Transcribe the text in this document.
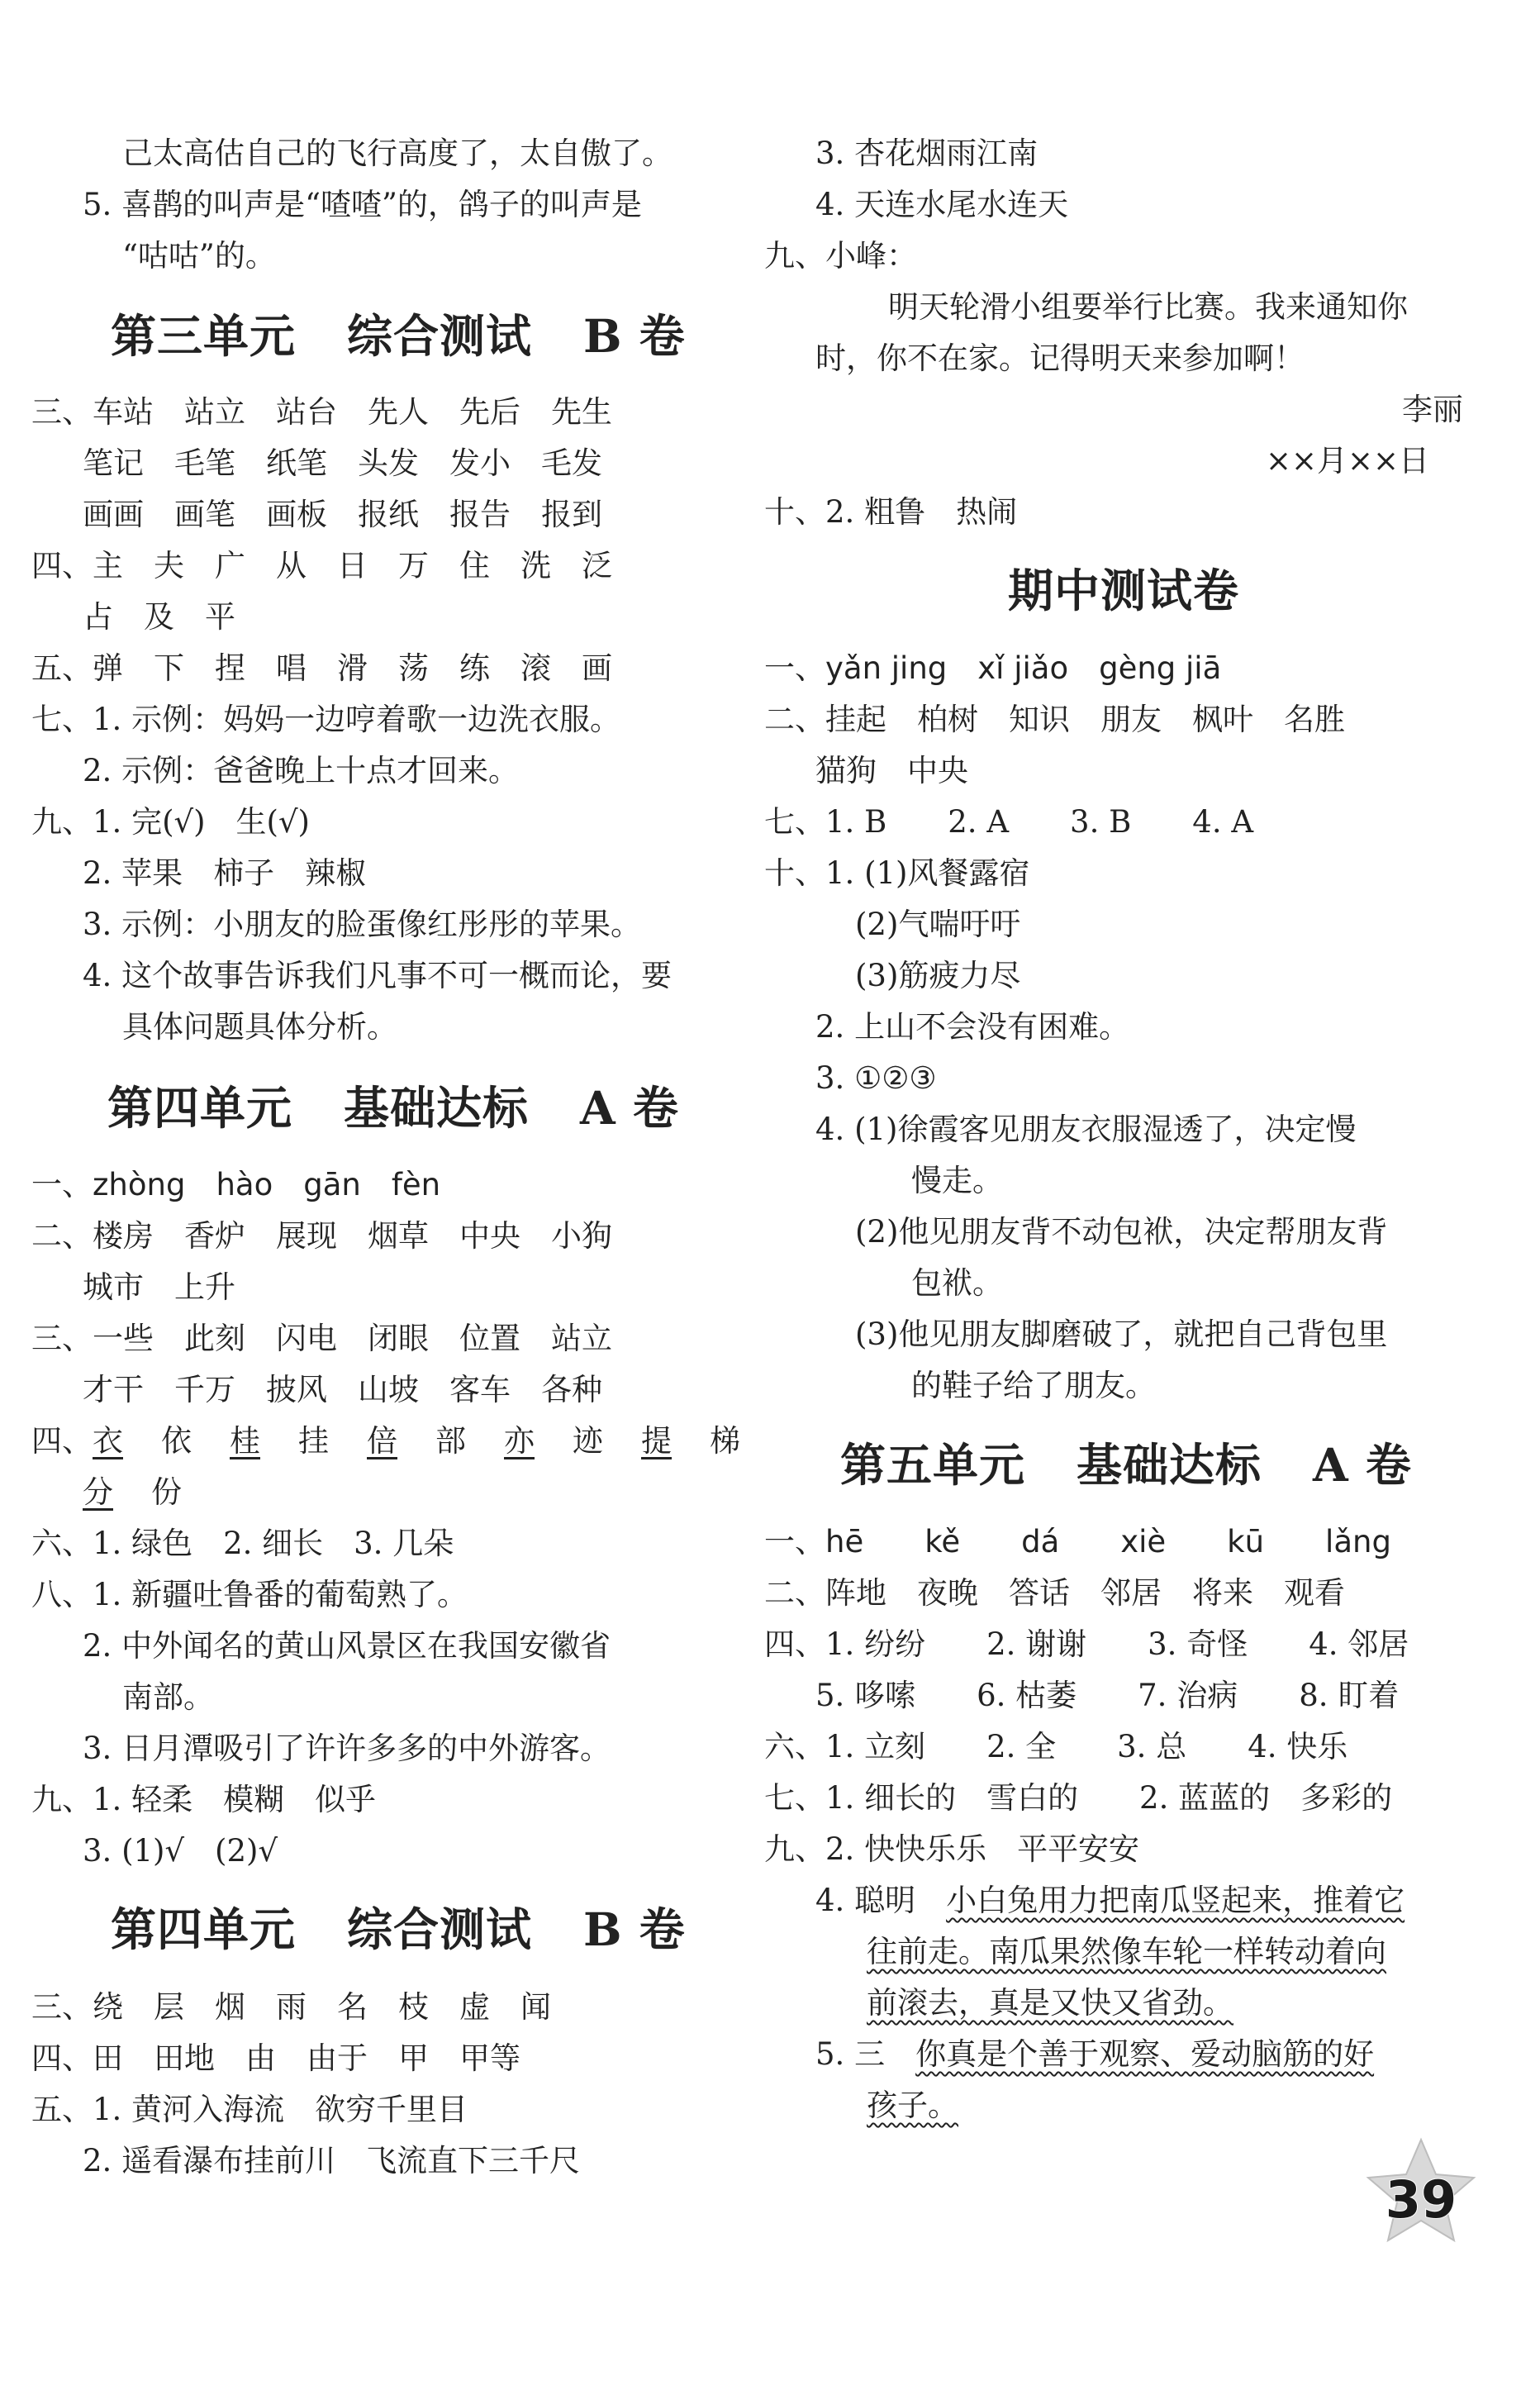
己太高估自己的飞行高度了，太自傲了。
5. 喜鹊的叫声是“喳喳”的，鸽子的叫声是
“咕咕”的。
第三单元 综合测试 B 卷
三、车站　站立　站台　先人　先后　先生
笔记　毛笔　纸笔　头发　发小　毛发
画画　画笔　画板　报纸　报告　报到
四、主　夫　广　从　日　万　住　洗　泛
占　及　平
五、弹　下　捏　唱　滑　荡　练　滚　画
七、1. 示例：妈妈一边哼着歌一边洗衣服。
2. 示例：爸爸晚上十点才回来。
九、1. 完(√)　生(√)
2. 苹果　柿子　辣椒
3. 示例：小朋友的脸蛋像红彤彤的苹果。
4. 这个故事告诉我们凡事不可一概而论，要
具体问题具体分析。
第四单元 基础达标 A 卷
一、zhòng　hào　gān　fèn
二、楼房　香炉　展现　烟草　中央　小狗
城市　上升
三、一些　此刻　闪电　闭眼　位置　站立
才干　千万　披风　山坡　客车　各种
四、衣 依 桂 挂 倍 部 亦 迹 提 梯
分 份
六、1. 绿色　2. 细长　3. 几朵
八、1. 新疆吐鲁番的葡萄熟了。
2. 中外闻名的黄山风景区在我国安徽省
南部。
3. 日月潭吸引了许许多多的中外游客。
九、1. 轻柔　模糊　似乎
3. (1)√　(2)√
第四单元 综合测试 B 卷
三、绕　层　烟　雨　名　枝　虚　闻
四、田　田地　由　由于　甲　甲等
五、1. 黄河入海流　欲穷千里目
2. 遥看瀑布挂前川　飞流直下三千尺
3. 杏花烟雨江南
4. 天连水尾水连天
九、小峰：
明天轮滑小组要举行比赛。我来通知你
时，你不在家。记得明天来参加啊！
李丽
××月××日
十、2. 粗鲁　热闹
期中测试卷
一、yǎn jing　xǐ jiǎo　gèng jiā
二、挂起　柏树　知识　朋友　枫叶　名胜
猫狗　中央
七、1. B　　2. A　　3. B　　4. A
十、1. (1)风餐露宿
(2)气喘吁吁
(3)筋疲力尽
2. 上山不会没有困难。
3. ①②③
4. (1)徐霞客见朋友衣服湿透了，决定慢
慢走。
(2)他见朋友背不动包袱，决定帮朋友背
包袱。
(3)他见朋友脚磨破了，就把自己背包里
的鞋子给了朋友。
第五单元 基础达标 A 卷
一、hē　　kě　　dá　　xiè　　kū　　lǎng
二、阵地　夜晚　答话　邻居　将来　观看
四、1. 纷纷　　2. 谢谢　　3. 奇怪　　4. 邻居
5. 哆嗦　　6. 枯萎　　7. 治病　　8. 盯着
六、1. 立刻　　2. 全　　3. 总　　4. 快乐
七、1. 细长的　雪白的　　2. 蓝蓝的　多彩的
九、2. 快快乐乐　平平安安
4. 聪明　小白兔用力把南瓜竖起来，推着它
往前走。南瓜果然像车轮一样转动着向
前滚去，真是又快又省劲。
5. 三　你真是个善于观察、爱动脑筋的好
孩子。
39
